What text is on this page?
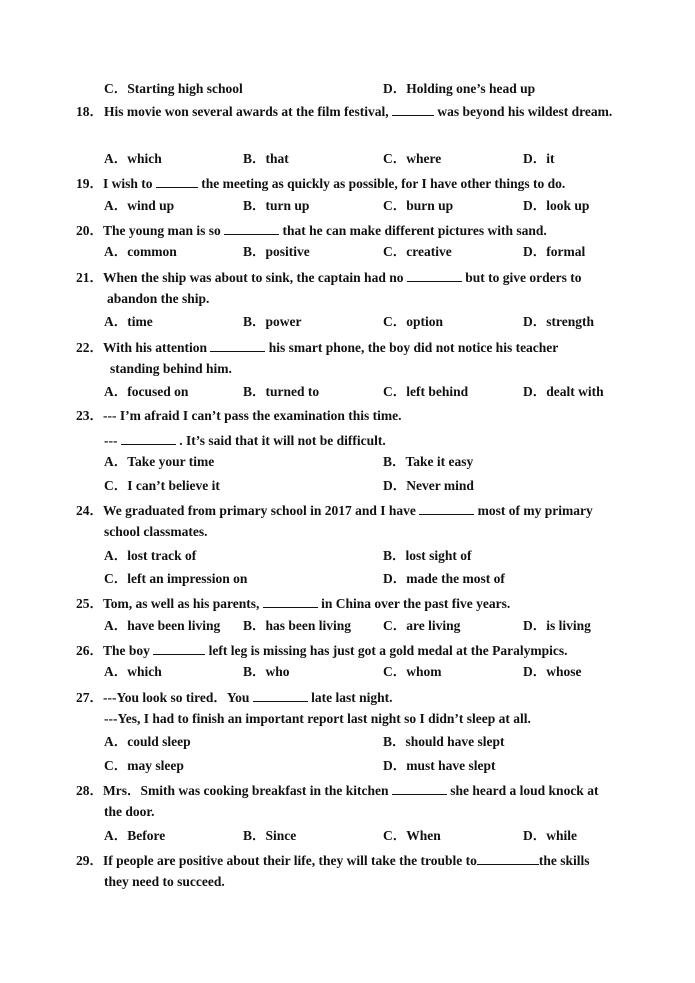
C．Starting high school	D．Holding one’s head up
18．His movie won several awards at the film festival,	was beyond his wildest dream.
A．which	B．that	C．where	D．it
19．I wish to	the meeting as quickly as possible, for I have other things to do.
A．wind up	B．turn up	C．burn up	D．look up
20．The young man is so	that he can make different pictures with sand.
A．common	B．positive	C．creative	D．formal
21．When the ship was about to sink, the captain had no	but to give orders to
abandon the ship.
A．time	B．power	C．option	D．strength
22．With his attention	his smart phone, the boy did not notice his teacher
standing behind him.
A．focused on	B．turned to	C．left behind	D．dealt with
23．--- I’m afraid I can’t pass the examination this time.
---	. It’s said that it will not be difficult.
A．Take your time	B．Take it easy
C．I can’t believe it	D．Never mind
24．We graduated from primary school in 2017 and I have	most of my primary
school classmates.
A．lost track of	B．lost sight of
C．left an impression on	D．made the most of
25．Tom, as well as his parents,	in China over the past five years.
A．have been living B．has been living C．are living	D．is living
26．The boy	left leg is missing has just got a gold medal at the Paralympics.
A．which	B．who	C．whom	D．whose
27．---You look so tired．You	late last night.
---Yes, I had to finish an important report last night so I didn’t sleep at all.
A．could sleep	B．should have slept
C．may sleep	D．must have slept
28．Mrs．Smith was cooking breakfast in the kitchen	she heard a loud knock at
the door.
A．Before	B．Since	C．When	D．while
29．If people are positive about their life, they will take the trouble to	the skills
they need to succeed.
